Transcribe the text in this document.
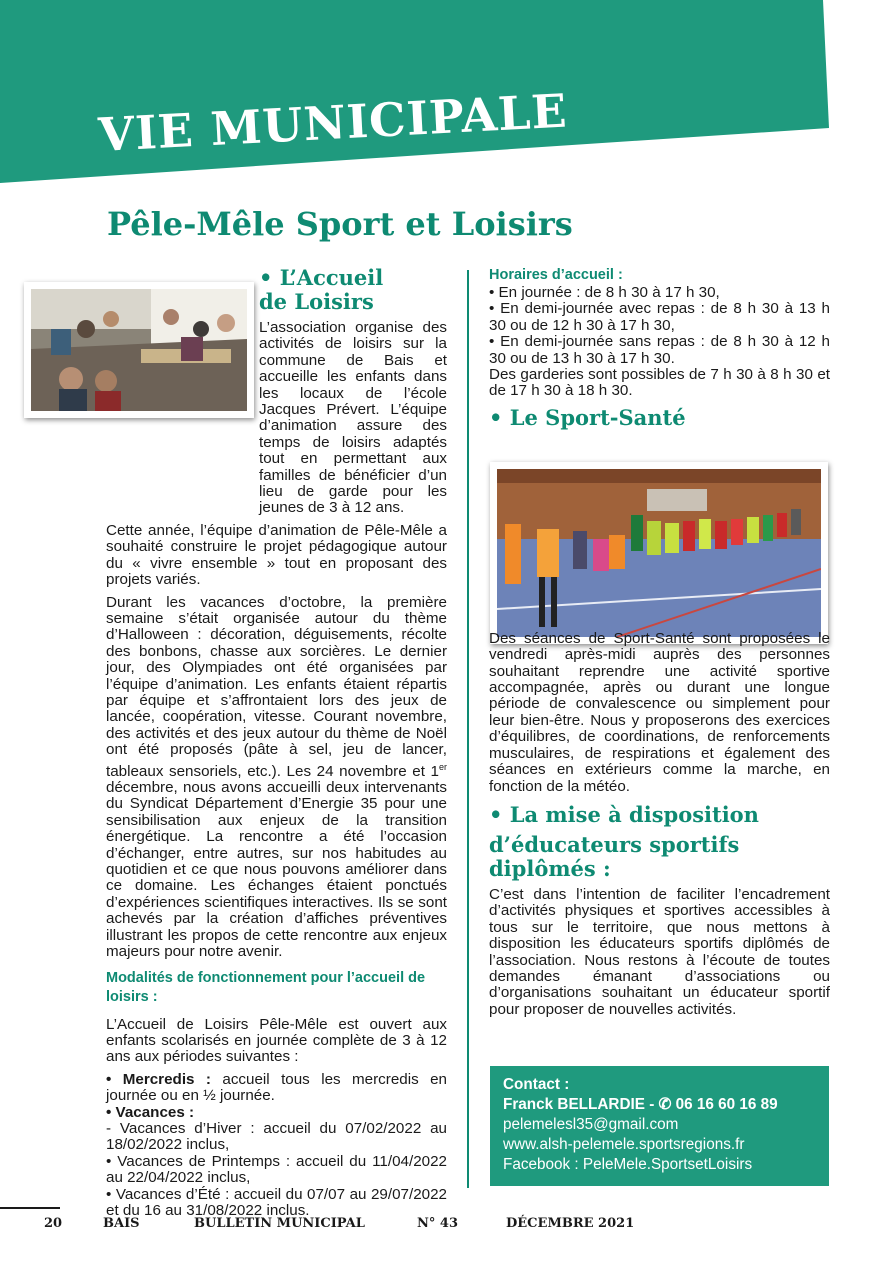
VIE MUNICIPALE
Pêle-Mêle Sport et Loisirs
• L’Accueil
de Loisirs

L’association organise des activités de loisirs sur la commune de Bais et accueille les enfants dans les locaux de l’école Jacques Prévert. L’équipe d’animation assure des temps de loisirs adaptés tout en permettant aux familles de bénéficier d’un lieu de garde pour les jeunes de 3 à 12 ans.

Cette année, l’équipe d’animation de Pêle-Mêle a souhaité construire le projet pédagogique autour du « vivre ensemble » tout en proposant des projets variés.

Durant les vacances d’octobre, la première semaine s’était organisée autour du thème d’Halloween : décoration, déguisements, récolte des bonbons, chasse aux sorcières. Le dernier jour, des Olympiades ont été organisées par l’équipe d’animation. Les enfants étaient répartis par équipe et s’affrontaient lors des jeux de lancée, coopération, vitesse. Courant novembre, des activités et des jeux autour du thème de Noël ont été proposés (pâte à sel, jeu de lancer, tableaux sensoriels, etc.). Les 24 novembre et 1er décembre, nous avons accueilli deux intervenants du Syndicat Département d’Energie 35 pour une sensibilisation aux enjeux de la transition énergétique. La rencontre a été l’occasion d’échanger, entre autres, sur nos habitudes au quotidien et ce que nous pouvons améliorer dans ce domaine. Les échanges étaient ponctués d’expériences scientifiques interactives. Ils se sont achevés par la création d’affiches préventives illustrant les propos de cette rencontre aux enjeux majeurs pour notre avenir.

Modalités de fonctionnement pour l’accueil de loisirs :

L’Accueil de Loisirs Pêle-Mêle est ouvert aux enfants scolarisés en journée complète de 3 à 12 ans aux périodes suivantes :

• Mercredis : accueil tous les mercredis en journée ou en ½ journée.

• Vacances :

- Vacances d’Hiver : accueil du 07/02/2022 au 18/02/2022 inclus,

• Vacances de Printemps : accueil du 11/04/2022 au 22/04/2022 inclus,

• Vacances d’Été : accueil du 07/07 au 29/07/2022 et du 16 au 31/08/2022 inclus.

Horaires d’accueil :

• En journée : de 8 h 30 à 17 h 30,

• En demi-journée avec repas : de 8 h 30 à 13 h 30 ou de 12 h 30 à 17 h 30,

• En demi-journée sans repas : de 8 h 30 à 12 h 30 ou de 13 h 30 à 17 h 30.

Des garderies sont possibles de 7 h 30 à 8 h 30 et de 17 h 30 à 18 h 30.

• Le Sport-Santé

Des séances de Sport-Santé sont proposées le vendredi après-midi auprès des personnes souhaitant reprendre une activité sportive accompagnée, après ou durant une longue période de convalescence ou simplement pour leur bien-être. Nous y proposerons des exercices d’équilibres, de coordinations, de renforcements musculaires, de respirations et également des séances en extérieurs comme la marche, en fonction de la météo.

• La mise à disposition
d’éducateurs sportifs diplômés :

C’est dans l’intention de faciliter l’encadrement d’activités physiques et sportives accessibles à tous sur le territoire, que nous mettons à disposition les éducateurs sportifs diplômés de l’association. Nous restons à l’écoute de toutes demandes émanant d’associations ou d’organisations souhaitant un éducateur sportif pour proposer de nouvelles activités.

Contact :
Franck BELLARDIE - ✆ 06 16 60 16 89
pelemelesl35@gmail.com
www.alsh-pelemele.sportsregions.fr
Facebook : PeleMele.SportsetLoisirs
20	BAIS	BULLETIN MUNICIPAL	N° 43	DÉCEMBRE 2021
